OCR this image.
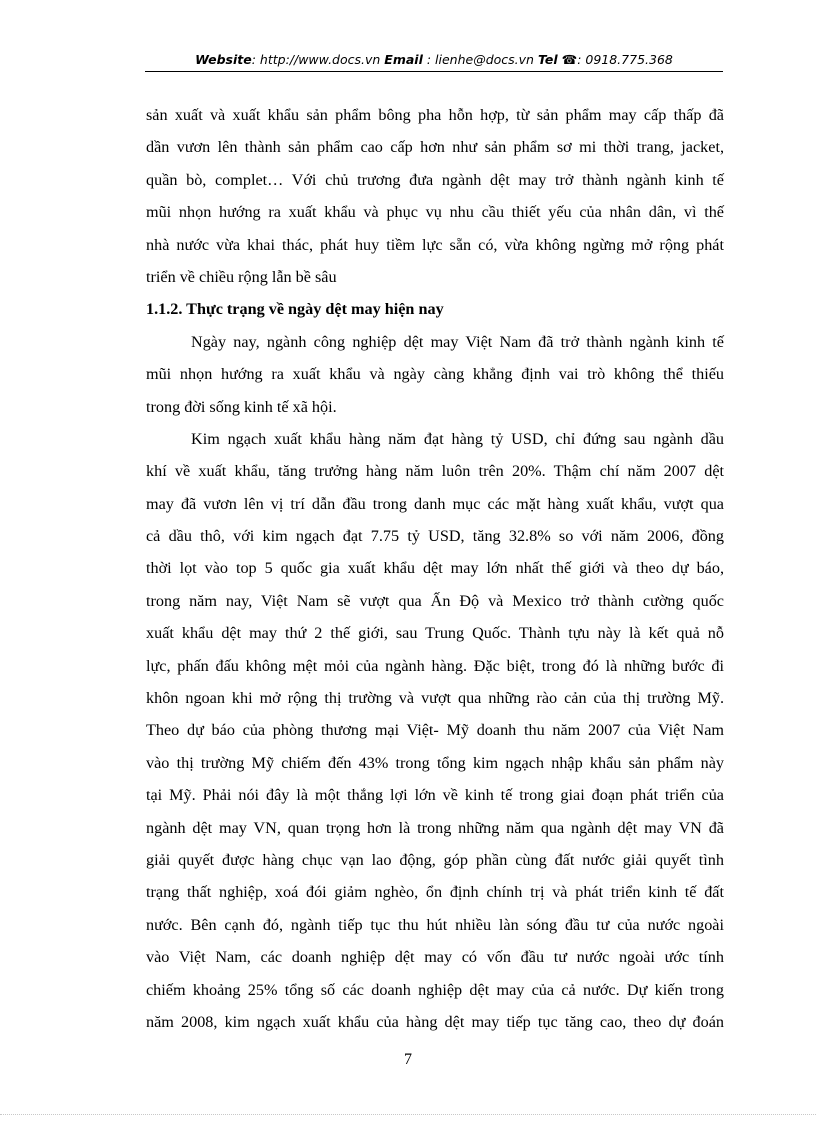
Website: http://www.docs.vn Email : lienhe@docs.vn Tel ☎: 0918.775.368
sản xuất và xuất khẩu sản phẩm bông pha hỗn hợp, từ sản phẩm may cấp thấp đã
dần vươn lên thành sản phẩm cao cấp hơn như sản phẩm sơ mi thời trang, jacket,
quần bò, complet… Với chủ trương đưa ngành dệt may trở thành ngành kinh tế
mũi nhọn hướng ra xuất khẩu và phục vụ nhu cầu thiết yếu của nhân dân, vì thế
nhà nước vừa khai thác, phát huy tiềm lực sẵn có, vừa không ngừng mở rộng phát
triển về chiều rộng lẫn bề sâu
1.1.2. Thực trạng về ngày dệt may hiện nay
Ngày nay, ngành công nghiệp dệt may Việt Nam đã trở thành ngành kinh tế
mũi nhọn hướng ra xuất khẩu và ngày càng khẳng định vai trò không thể thiếu
trong đời sống kinh tế xã hội.
Kim ngạch xuất khẩu hàng năm đạt hàng tỷ USD, chỉ đứng sau ngành dầu
khí về xuất khẩu, tăng trưởng hàng năm luôn trên 20%. Thậm chí năm 2007 dệt
may đã vươn lên vị trí dẫn đầu trong danh mục các mặt hàng xuất khẩu, vượt qua
cả dầu thô, với kim ngạch đạt 7.75 tỷ USD, tăng 32.8% so với năm 2006, đồng
thời lọt vào top 5 quốc gia xuất khẩu dệt may lớn nhất thế giới và theo dự báo,
trong năm nay, Việt Nam sẽ vượt qua Ấn Độ và Mexico trở thành cường quốc
xuất khẩu dệt may thứ 2 thế giới, sau Trung Quốc. Thành tựu này là kết quả nỗ
lực, phấn đấu không mệt mỏi của ngành hàng. Đặc biệt, trong đó là những bước đi
khôn ngoan khi mở rộng thị trường và vượt qua những rào cản của thị trường Mỹ.
Theo dự báo của phòng thương mại Việt- Mỹ doanh thu năm 2007 của Việt Nam
vào thị trường Mỹ chiếm đến 43% trong tổng kim ngạch nhập khẩu sản phẩm này
tại Mỹ. Phải nói đây là một thắng lợi lớn về kinh tế trong giai đoạn phát triển của
ngành dệt may VN, quan trọng hơn là trong những năm qua ngành dệt may VN đã
giải quyết được hàng chục vạn lao động, góp phần cùng đất nước giải quyết tình
trạng thất nghiệp, xoá đói giảm nghèo, ổn định chính trị và phát triển kinh tế đất
nước. Bên cạnh đó, ngành tiếp tục thu hút nhiều làn sóng đầu tư của nước ngoài
vào Việt Nam, các doanh nghiệp dệt may có vốn đầu tư nước ngoài ước tính
chiếm khoảng 25% tổng số các doanh nghiệp dệt may của cả nước. Dự kiến trong
năm 2008, kim ngạch xuất khẩu của hàng dệt may tiếp tục tăng cao, theo dự đoán
7
